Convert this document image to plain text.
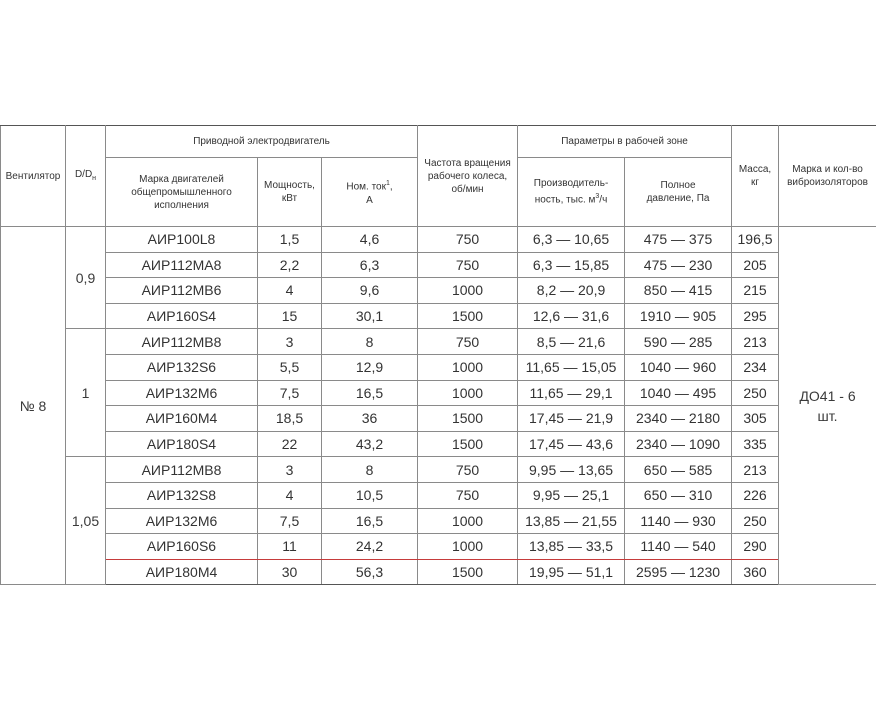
Вентилятор	$D/D_н$	Приводной электродвигатель			Частота вращения рабочего колеса, об/мин	Параметры в рабочей зоне		Масса, кг	Марка и кол-во виброизоляторов

		Марка двигателей общепромышленного исполнения	Мощность, кВт	Ном. ток$^1$, А		Производитель-ность, тыс. $м^3/ч$	Полное давление, Па		

№ 8	0,9	АИР100L8	1,5	4,6	750	6,3 — 10,65	475 — 375	196,5	ДО41 - 6 шт.

		АИР112МА8	2,2	6,3	750	6,3 — 15,85	475 — 230	205	
		АИР112МВ6	4	9,6	1000	8,2 — 20,9	850 — 415	215	
		АИР160S4	15	30,1	1500	12,6 — 31,6	1910 — 905	295	
	1	АИР112МВ8	3	8	750	8,5 — 21,6	590 — 285	213	
		АИР132S6	5,5	12,9	1000	11,65 — 15,05	1040 — 960	234	
		АИР132М6	7,5	16,5	1000	11,65 — 29,1	1040 — 495	250	
		АИР160М4	18,5	36	1500	17,45 — 21,9	2340 — 2180	305	
		АИР180S4	22	43,2	1500	17,45 — 43,6	2340 — 1090	335	
	1,05	АИР112МВ8	3	8	750	9,95 — 13,65	650 — 585	213	
		АИР132S8	4	10,5	750	9,95 — 25,1	650 — 310	226	
		АИР132М6	7,5	16,5	1000	13,85 — 21,55	1140 — 930	250	
		АИР160S6	11	24,2	1000	13,85 — 33,5	1140 — 540	290	
		АИР180М4	30	56,3	1500	19,95 — 51,1	2595 — 1230	360	
